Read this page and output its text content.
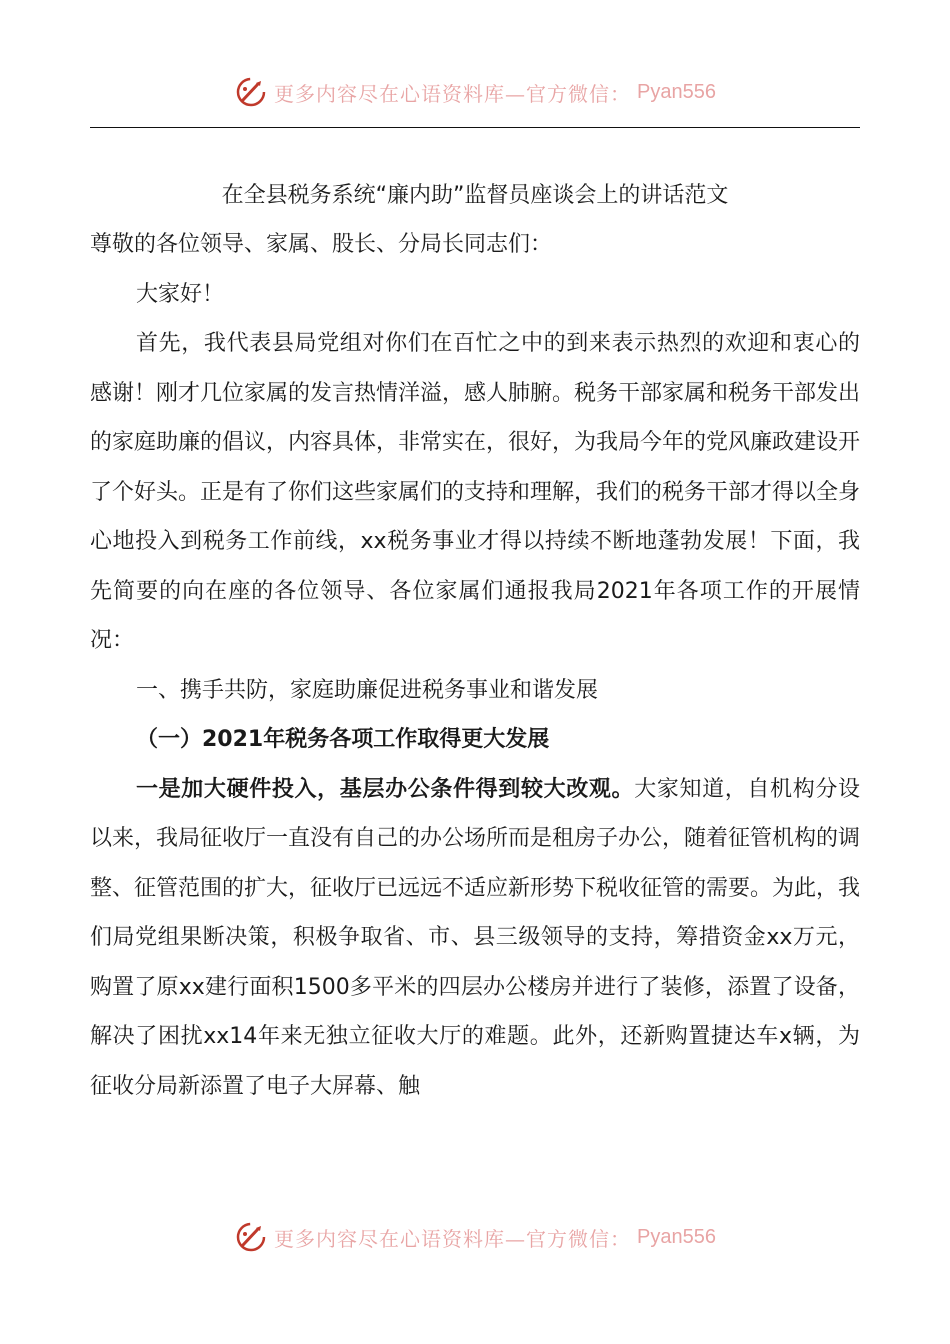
更多内容尽在心语资料库—官方微信： Pyan556

在全县税务系统“廉内助”监督员座谈会上的讲话范文

尊敬的各位领导、家属、股长、分局长同志们：

大家好！

首先，我代表县局党组对你们在百忙之中的到来表示热烈的欢迎和衷心的感谢！刚才几位家属的发言热情洋溢，感人肺腑。税务干部家属和税务干部发出的家庭助廉的倡议，内容具体，非常实在，很好，为我局今年的党风廉政建设开了个好头。正是有了你们这些家属们的支持和理解，我们的税务干部才得以全身心地投入到税务工作前线，xx税务事业才得以持续不断地蓬勃发展！下面，我先简要的向在座的各位领导、各位家属们通报我局2021年各项工作的开展情况：

一、携手共防，家庭助廉促进税务事业和谐发展

（一）2021年税务各项工作取得更大发展

一是加大硬件投入，基层办公条件得到较大改观。大家知道，自机构分设以来，我局征收厅一直没有自己的办公场所而是租房子办公，随着征管机构的调整、征管范围的扩大，征收厅已远远不适应新形势下税收征管的需要。为此，我们局党组果断决策，积极争取省、市、县三级领导的支持，筹措资金xx万元，购置了原xx建行面积1500多平米的四层办公楼房并进行了装修，添置了设备，解决了困扰xx14年来无独立征收大厅的难题。此外，还新购置捷达车x辆，为征收分局新添置了电子大屏幕、触

更多内容尽在心语资料库—官方微信： Pyan556
